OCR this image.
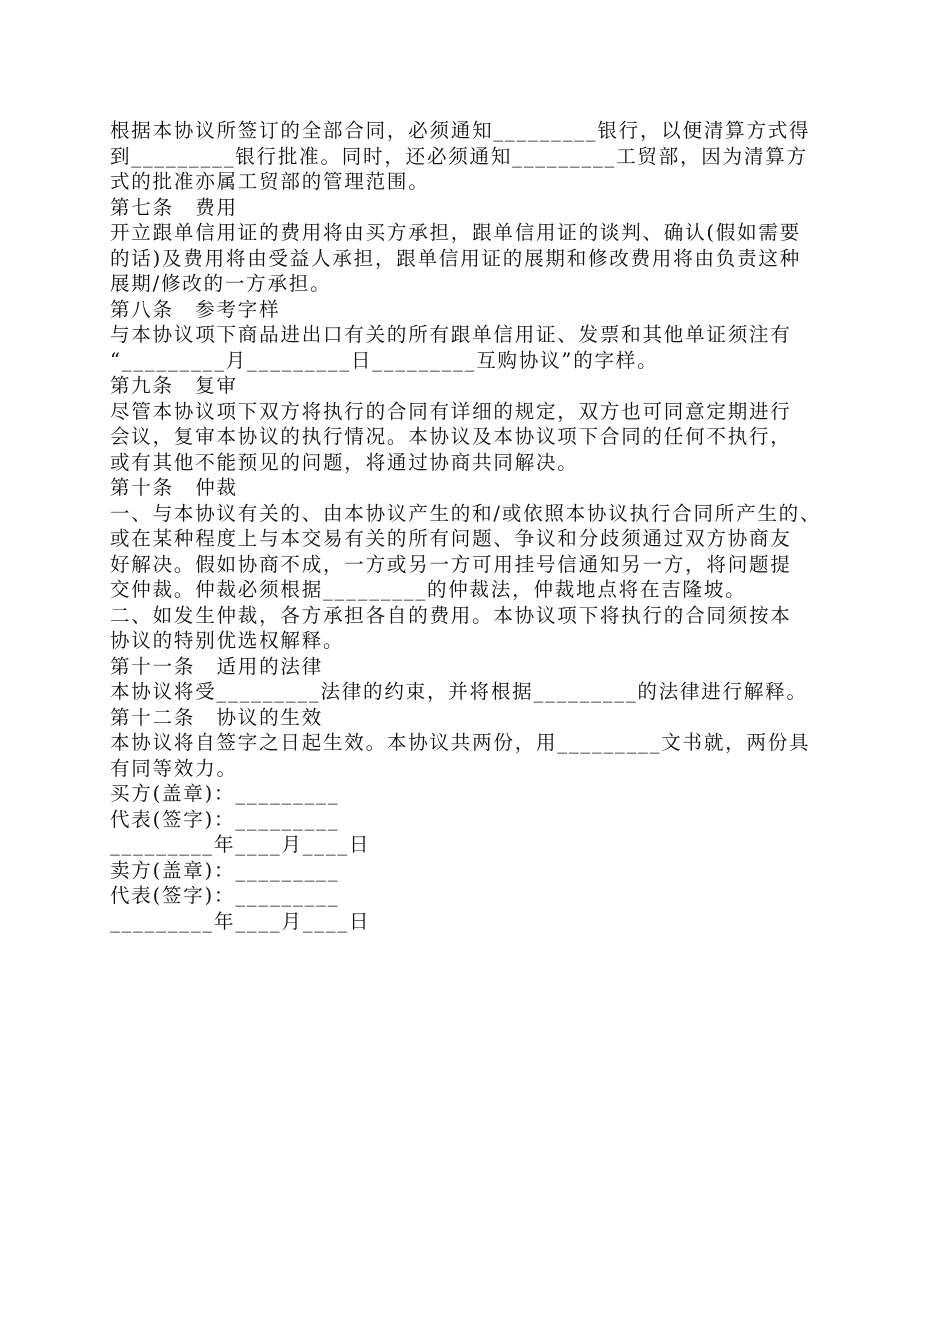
根据本协议所签订的全部合同，必须通知_________银行，以便清算方式得
到_________银行批准。同时，还必须通知_________工贸部，因为清算方
式的批准亦属工贸部的管理范围。
第七条　费用
开立跟单信用证的费用将由买方承担，跟单信用证的谈判、确认(假如需要
的话)及费用将由受益人承担，跟单信用证的展期和修改费用将由负责这种
展期/修改的一方承担。
第八条　参考字样
与本协议项下商品进出口有关的所有跟单信用证、发票和其他单证须注有
“_________月_________日_________互购协议”的字样。
第九条　复审
尽管本协议项下双方将执行的合同有详细的规定，双方也可同意定期进行
会议，复审本协议的执行情况。本协议及本协议项下合同的任何不执行，
或有其他不能预见的问题，将通过协商共同解决。
第十条　仲裁
一、与本协议有关的、由本协议产生的和/或依照本协议执行合同所产生的、
或在某种程度上与本交易有关的所有问题、争议和分歧须通过双方协商友
好解决。假如协商不成，一方或另一方可用挂号信通知另一方，将问题提
交仲裁。仲裁必须根据_________的仲裁法，仲裁地点将在吉隆坡。
二、如发生仲裁，各方承担各自的费用。本协议项下将执行的合同须按本
协议的特别优选权解释。
第十一条　适用的法律
本协议将受_________法律的约束，并将根据_________的法律进行解释。
第十二条　协议的生效
本协议将自签字之日起生效。本协议共两份，用_________文书就，两份具
有同等效力。
买方(盖章)：_________
代表(签字)：_________
_________年____月____日
卖方(盖章)：_________
代表(签字)：_________
_________年____月____日
